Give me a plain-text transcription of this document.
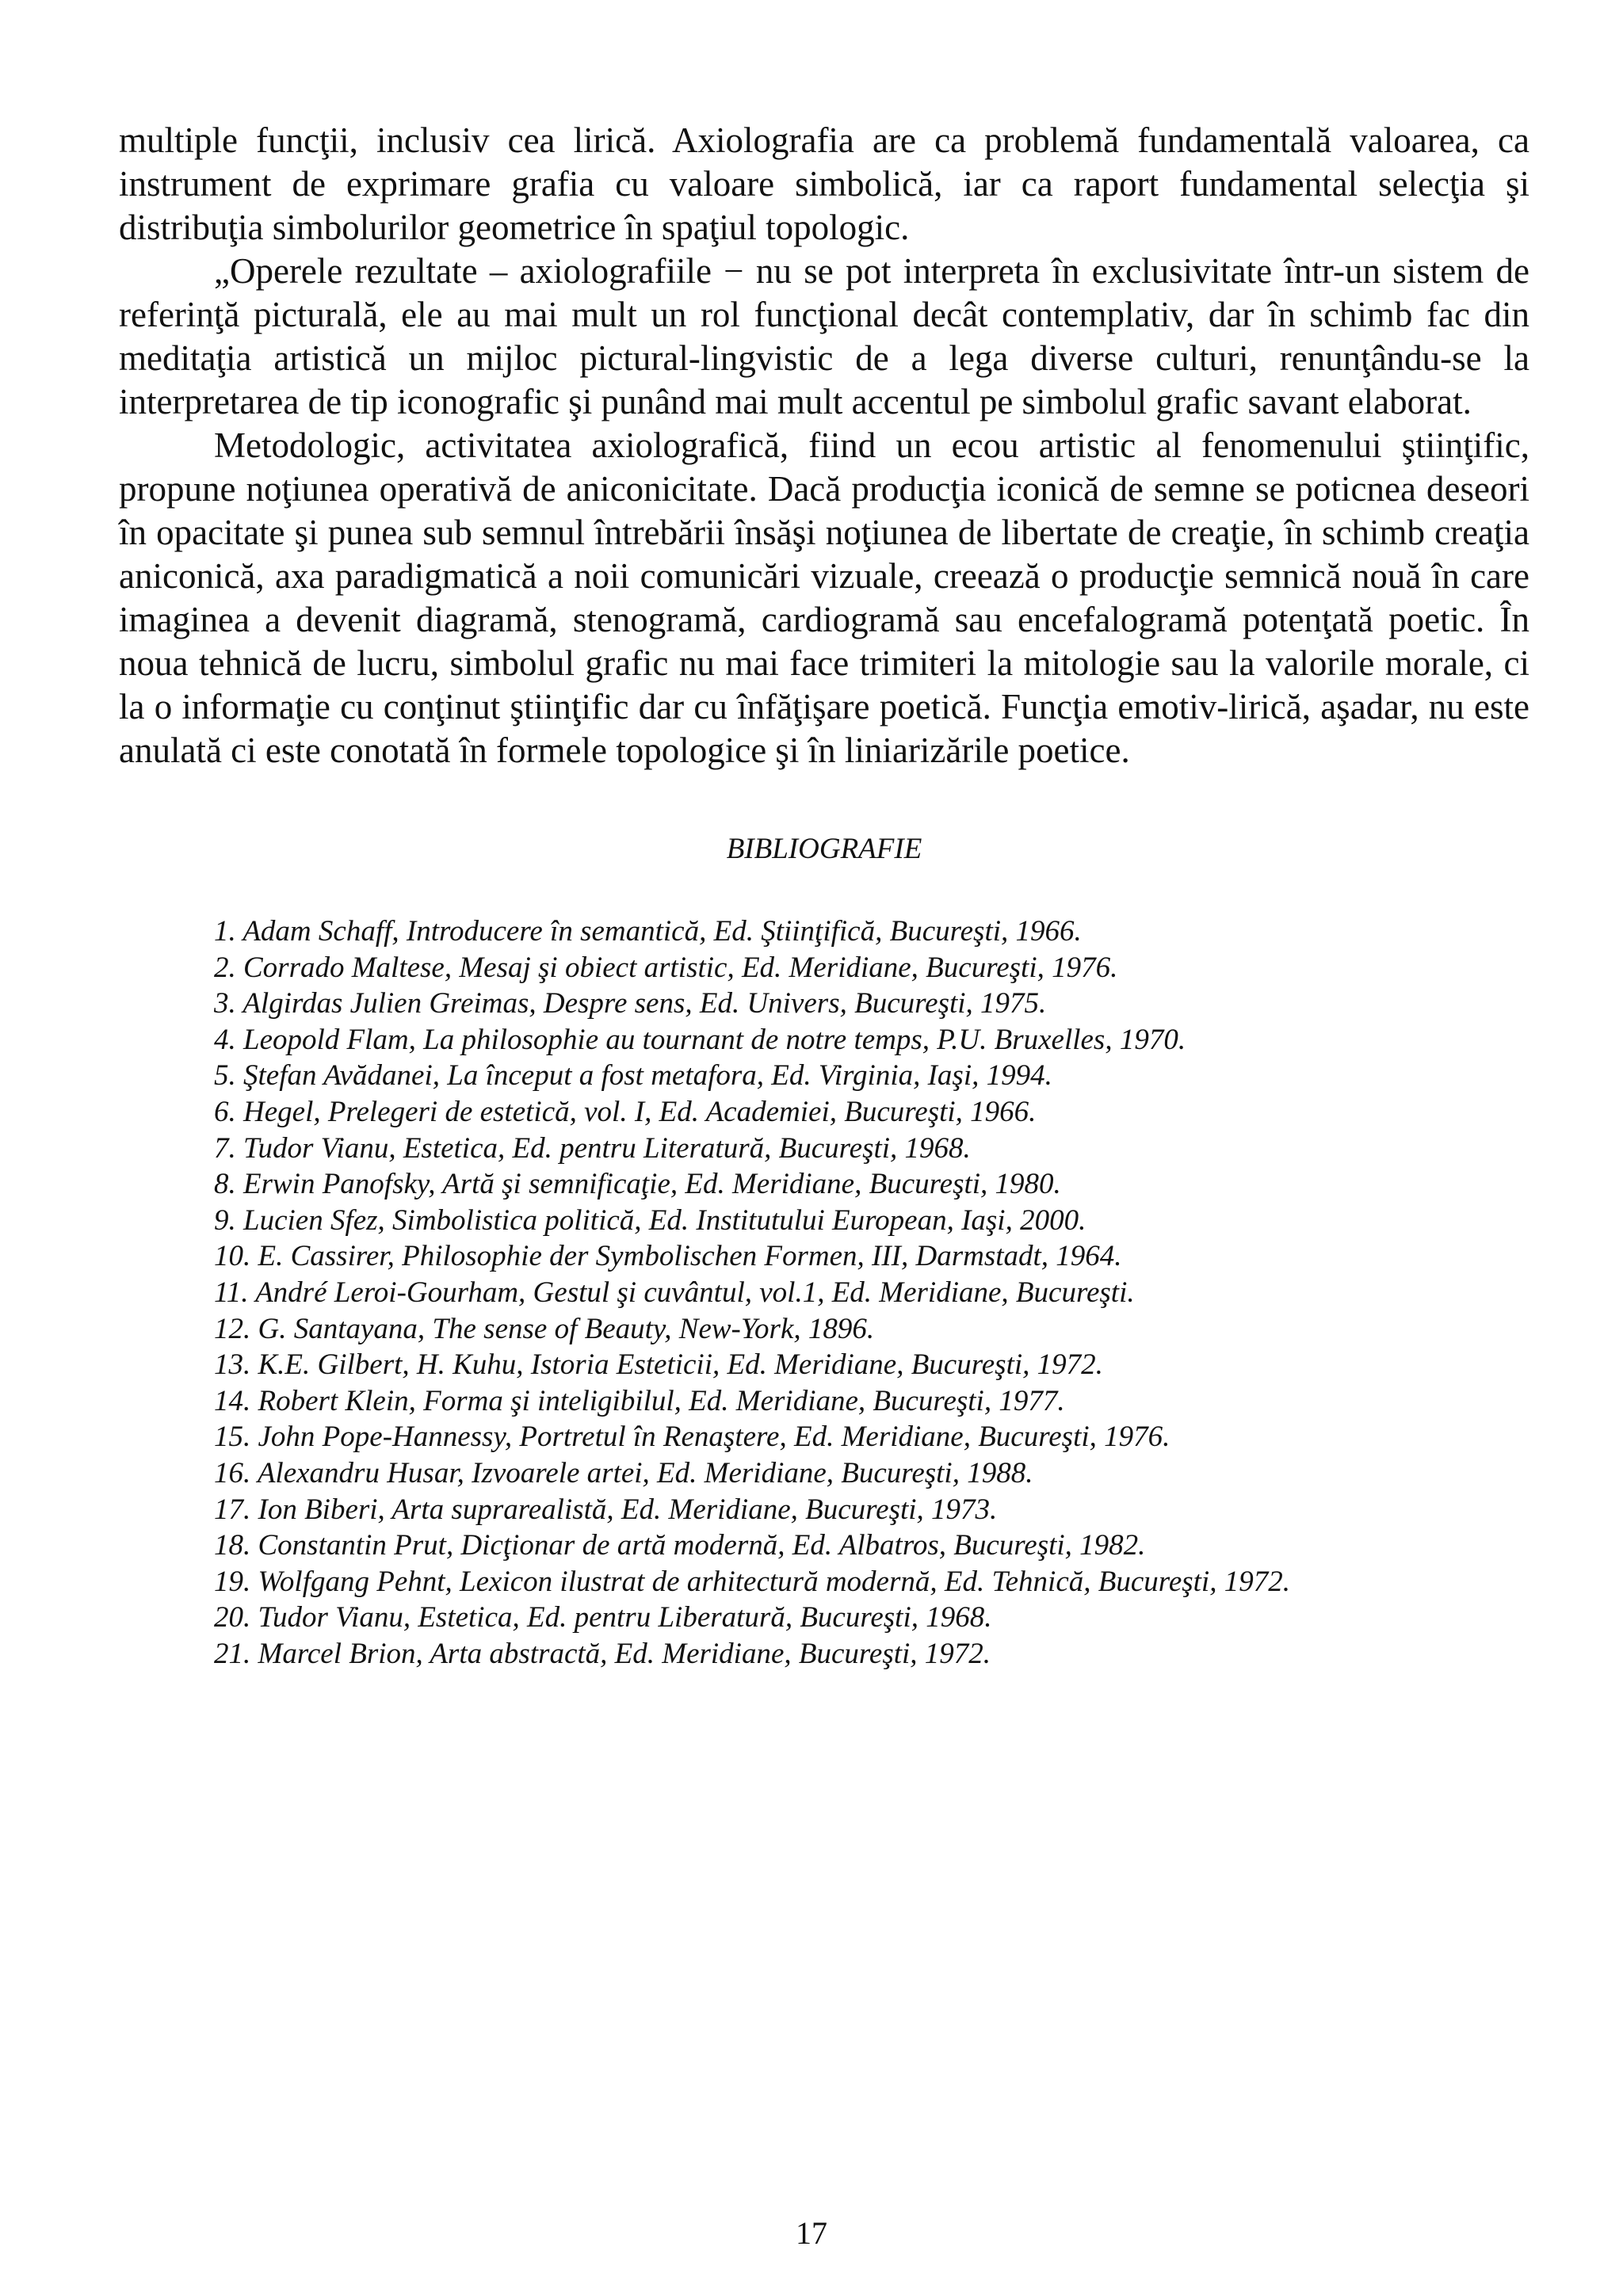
multiple funcţii, inclusiv cea lirică. Axiolografia are ca problemă fundamentală valoarea, ca instrument de exprimare grafia cu valoare simbolică, iar ca raport fundamental selecţia şi distribuţia simbolurilor geometrice în spaţiul topologic.

„Operele rezultate – axiolografiile − nu se pot interpreta în exclusivitate într-un sistem de referinţă picturală, ele au mai mult un rol funcţional decât contemplativ, dar în schimb fac din meditaţia artistică un mijloc pictural-lingvistic de a lega diverse culturi, renunţându-se la interpretarea de tip iconografic şi punând mai mult accentul pe simbolul grafic savant elaborat.

Metodologic, activitatea axiolografică, fiind un ecou artistic al fenomenului ştiinţific, propune noţiunea operativă de aniconicitate. Dacă producţia iconică de semne se poticnea deseori în opacitate şi punea sub semnul întrebării însăşi noţiunea de libertate de creaţie, în schimb creaţia aniconică, axa paradigmatică a noii comunicări vizuale, creează o producţie semnică nouă în care imaginea a devenit diagramă, stenogramă, cardiogramă sau encefalogramă potenţată poetic. În noua tehnică de lucru, simbolul grafic nu mai face trimiteri la mitologie sau la valorile morale, ci la o informaţie cu conţinut ştiinţific dar cu înfăţişare poetică. Funcţia emotiv-lirică, aşadar, nu este anulată ci este conotată în formele topologice şi în liniarizările poetice.

BIBLIOGRAFIE
1. Adam Schaff, Introducere în semantică, Ed. Ştiinţifică, Bucureşti, 1966.
2. Corrado Maltese, Mesaj şi obiect artistic, Ed. Meridiane, Bucureşti, 1976.
3. Algirdas Julien Greimas, Despre sens, Ed. Univers, Bucureşti, 1975.
4. Leopold Flam, La philosophie au tournant de notre temps, P.U. Bruxelles, 1970.
5. Ştefan Avădanei, La început a fost metafora, Ed. Virginia, Iaşi, 1994.
6. Hegel, Prelegeri de estetică, vol. I, Ed. Academiei, Bucureşti, 1966.
7. Tudor Vianu, Estetica, Ed. pentru Literatură, Bucureşti, 1968.
8. Erwin Panofsky, Artă şi semnificaţie, Ed. Meridiane, Bucureşti, 1980.
9. Lucien Sfez, Simbolistica politică, Ed. Institutului European, Iaşi, 2000.
10. E. Cassirer, Philosophie der Symbolischen Formen, III, Darmstadt, 1964.
11. André Leroi-Gourham, Gestul şi cuvântul, vol.1, Ed. Meridiane, Bucureşti.
12. G. Santayana, The sense of Beauty, New-York, 1896.
13. K.E. Gilbert, H. Kuhu, Istoria Esteticii, Ed. Meridiane, Bucureşti, 1972.
14. Robert Klein, Forma şi inteligibilul, Ed. Meridiane, Bucureşti, 1977.
15. John Pope-Hannessy, Portretul în Renaştere, Ed. Meridiane, Bucureşti, 1976.
16. Alexandru Husar, Izvoarele artei, Ed. Meridiane, Bucureşti, 1988.
17. Ion Biberi, Arta suprarealistă, Ed. Meridiane, Bucureşti, 1973.
18. Constantin Prut, Dicţionar de artă modernă, Ed. Albatros, Bucureşti, 1982.
19. Wolfgang Pehnt, Lexicon ilustrat de arhitectură modernă, Ed. Tehnică, Bucureşti, 1972.
20. Tudor Vianu, Estetica, Ed. pentru Liberatură, Bucureşti, 1968.
21. Marcel Brion, Arta abstractă, Ed. Meridiane, Bucureşti, 1972.
17
